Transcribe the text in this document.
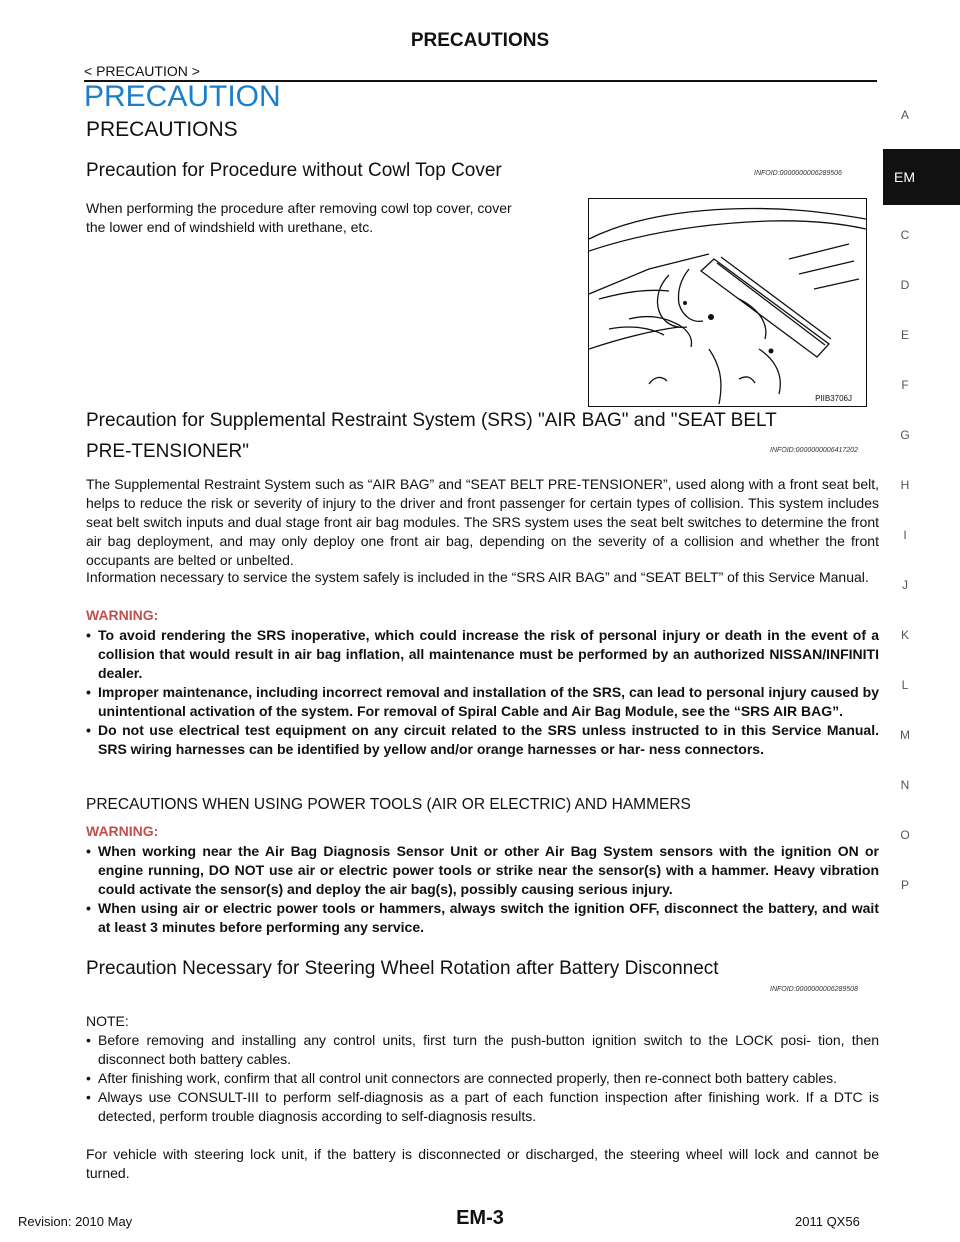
PRECAUTIONS
< PRECAUTION >
PRECAUTION
PRECAUTIONS
Precaution for Procedure without Cowl Top Cover	INFOID:0000000006289506
When performing the procedure after removing cowl top cover, cover
the lower end of windshield with urethane, etc.
PIIB3706J
Precaution for Supplemental Restraint System (SRS) "AIR BAG" and "SEAT BELT
PRE-TENSIONER"	INFOID:0000000006417202

The Supplemental Restraint System such as “AIR BAG” and “SEAT BELT PRE-TENSIONER”, used along with a front seat belt, helps to reduce the risk or severity of injury to the driver and front passenger for certain types of collision. This system includes seat belt switch inputs and dual stage front air bag modules. The SRS system uses the seat belt switches to determine the front air bag deployment, and may only deploy one front air bag, depending on the severity of a collision and whether the front occupants are belted or unbelted.

Information necessary to service the system safely is included in the “SRS AIR BAG” and “SEAT BELT” of this Service Manual.

WARNING:
• To avoid rendering the SRS inoperative, which could increase the risk of personal injury or death in the event of a collision that would result in air bag inflation, all maintenance must be performed by an authorized NISSAN/INFINITI dealer.
• Improper maintenance, including incorrect removal and installation of the SRS, can lead to personal injury caused by unintentional activation of the system. For removal of Spiral Cable and Air Bag Module, see the “SRS AIR BAG”.
• Do not use electrical test equipment on any circuit related to the SRS unless instructed to in this Service Manual. SRS wiring harnesses can be identified by yellow and/or orange harnesses or har- ness connectors.
PRECAUTIONS WHEN USING POWER TOOLS (AIR OR ELECTRIC) AND HAMMERS
WARNING:
• When working near the Air Bag Diagnosis Sensor Unit or other Air Bag System sensors with the ignition ON or engine running, DO NOT use air or electric power tools or strike near the sensor(s) with a hammer. Heavy vibration could activate the sensor(s) and deploy the air bag(s), possibly causing serious injury.
• When using air or electric power tools or hammers, always switch the ignition OFF, disconnect the battery, and wait at least 3 minutes before performing any service.
Precaution Necessary for Steering Wheel Rotation after Battery Disconnect
INFOID:0000000006289508
NOTE:
• Before removing and installing any control units, first turn the push-button ignition switch to the LOCK posi- tion, then disconnect both battery cables.
• After finishing work, confirm that all control unit connectors are connected properly, then re-connect both battery cables.
• Always use CONSULT-III to perform self-diagnosis as a part of each function inspection after finishing work. If a DTC is detected, perform trouble diagnosis according to self-diagnosis results.

For vehicle with steering lock unit, if the battery is disconnected or discharged, the steering wheel will lock and cannot be turned.

EM
A
C
D
E
F
G
H
I
J
K
L
M
N
O
P
EM-3
Revision: 2010 May	2011 QX56
